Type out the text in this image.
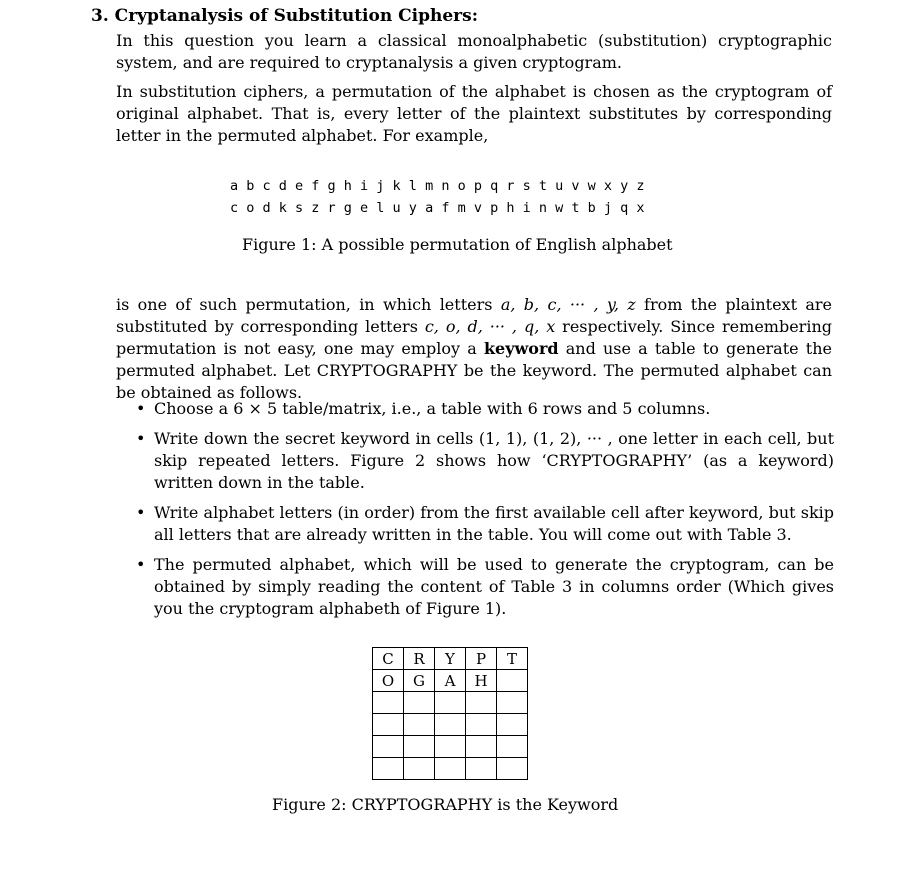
3. Cryptanalysis of Substitution Ciphers:
In this question you learn a classical monoalphabetic (substitution) cryptographic system, and are required to cryptanalysis a given cryptogram.
In substitution ciphers, a permutation of the alphabet is chosen as the cryptogram of original alphabet. That is, every letter of the plaintext substitutes by corresponding letter in the permuted alphabet. For example,
a b c d e f g h i j k l m n o p q r s t u v w x y z
c o d k s z r g e l u y a f m v p h i n w t b j q x
Figure 1: A possible permutation of English alphabet
is one of such permutation, in which letters a, b, c, ··· , y, z from the plaintext are substituted by corresponding letters c, o, d, ··· , q, x respectively. Since remembering permutation is not easy, one may employ a keyword and use a table to generate the permuted alphabet. Let CRYPTOGRAPHY be the keyword. The permuted alphabet can be obtained as follows.
• Choose a 6 × 5 table/matrix, i.e., a table with 6 rows and 5 columns.
• Write down the secret keyword in cells (1, 1), (1, 2), ··· , one letter in each cell, but skip repeated letters. Figure 2 shows how ‘CRYPTOGRAPHY’ (as a keyword) written down in the table.
• Write alphabet letters (in order) from the first available cell after keyword, but skip all letters that are already written in the table. You will come out with Table 3.
• The permuted alphabet, which will be used to generate the cryptogram, can be obtained by simply reading the content of Table 3 in columns order (Which gives you the cryptogram alphabeth of Figure 1).
C	R	Y	P	T
O	G	A	H	

Figure 2: CRYPTOGRAPHY is the Keyword
